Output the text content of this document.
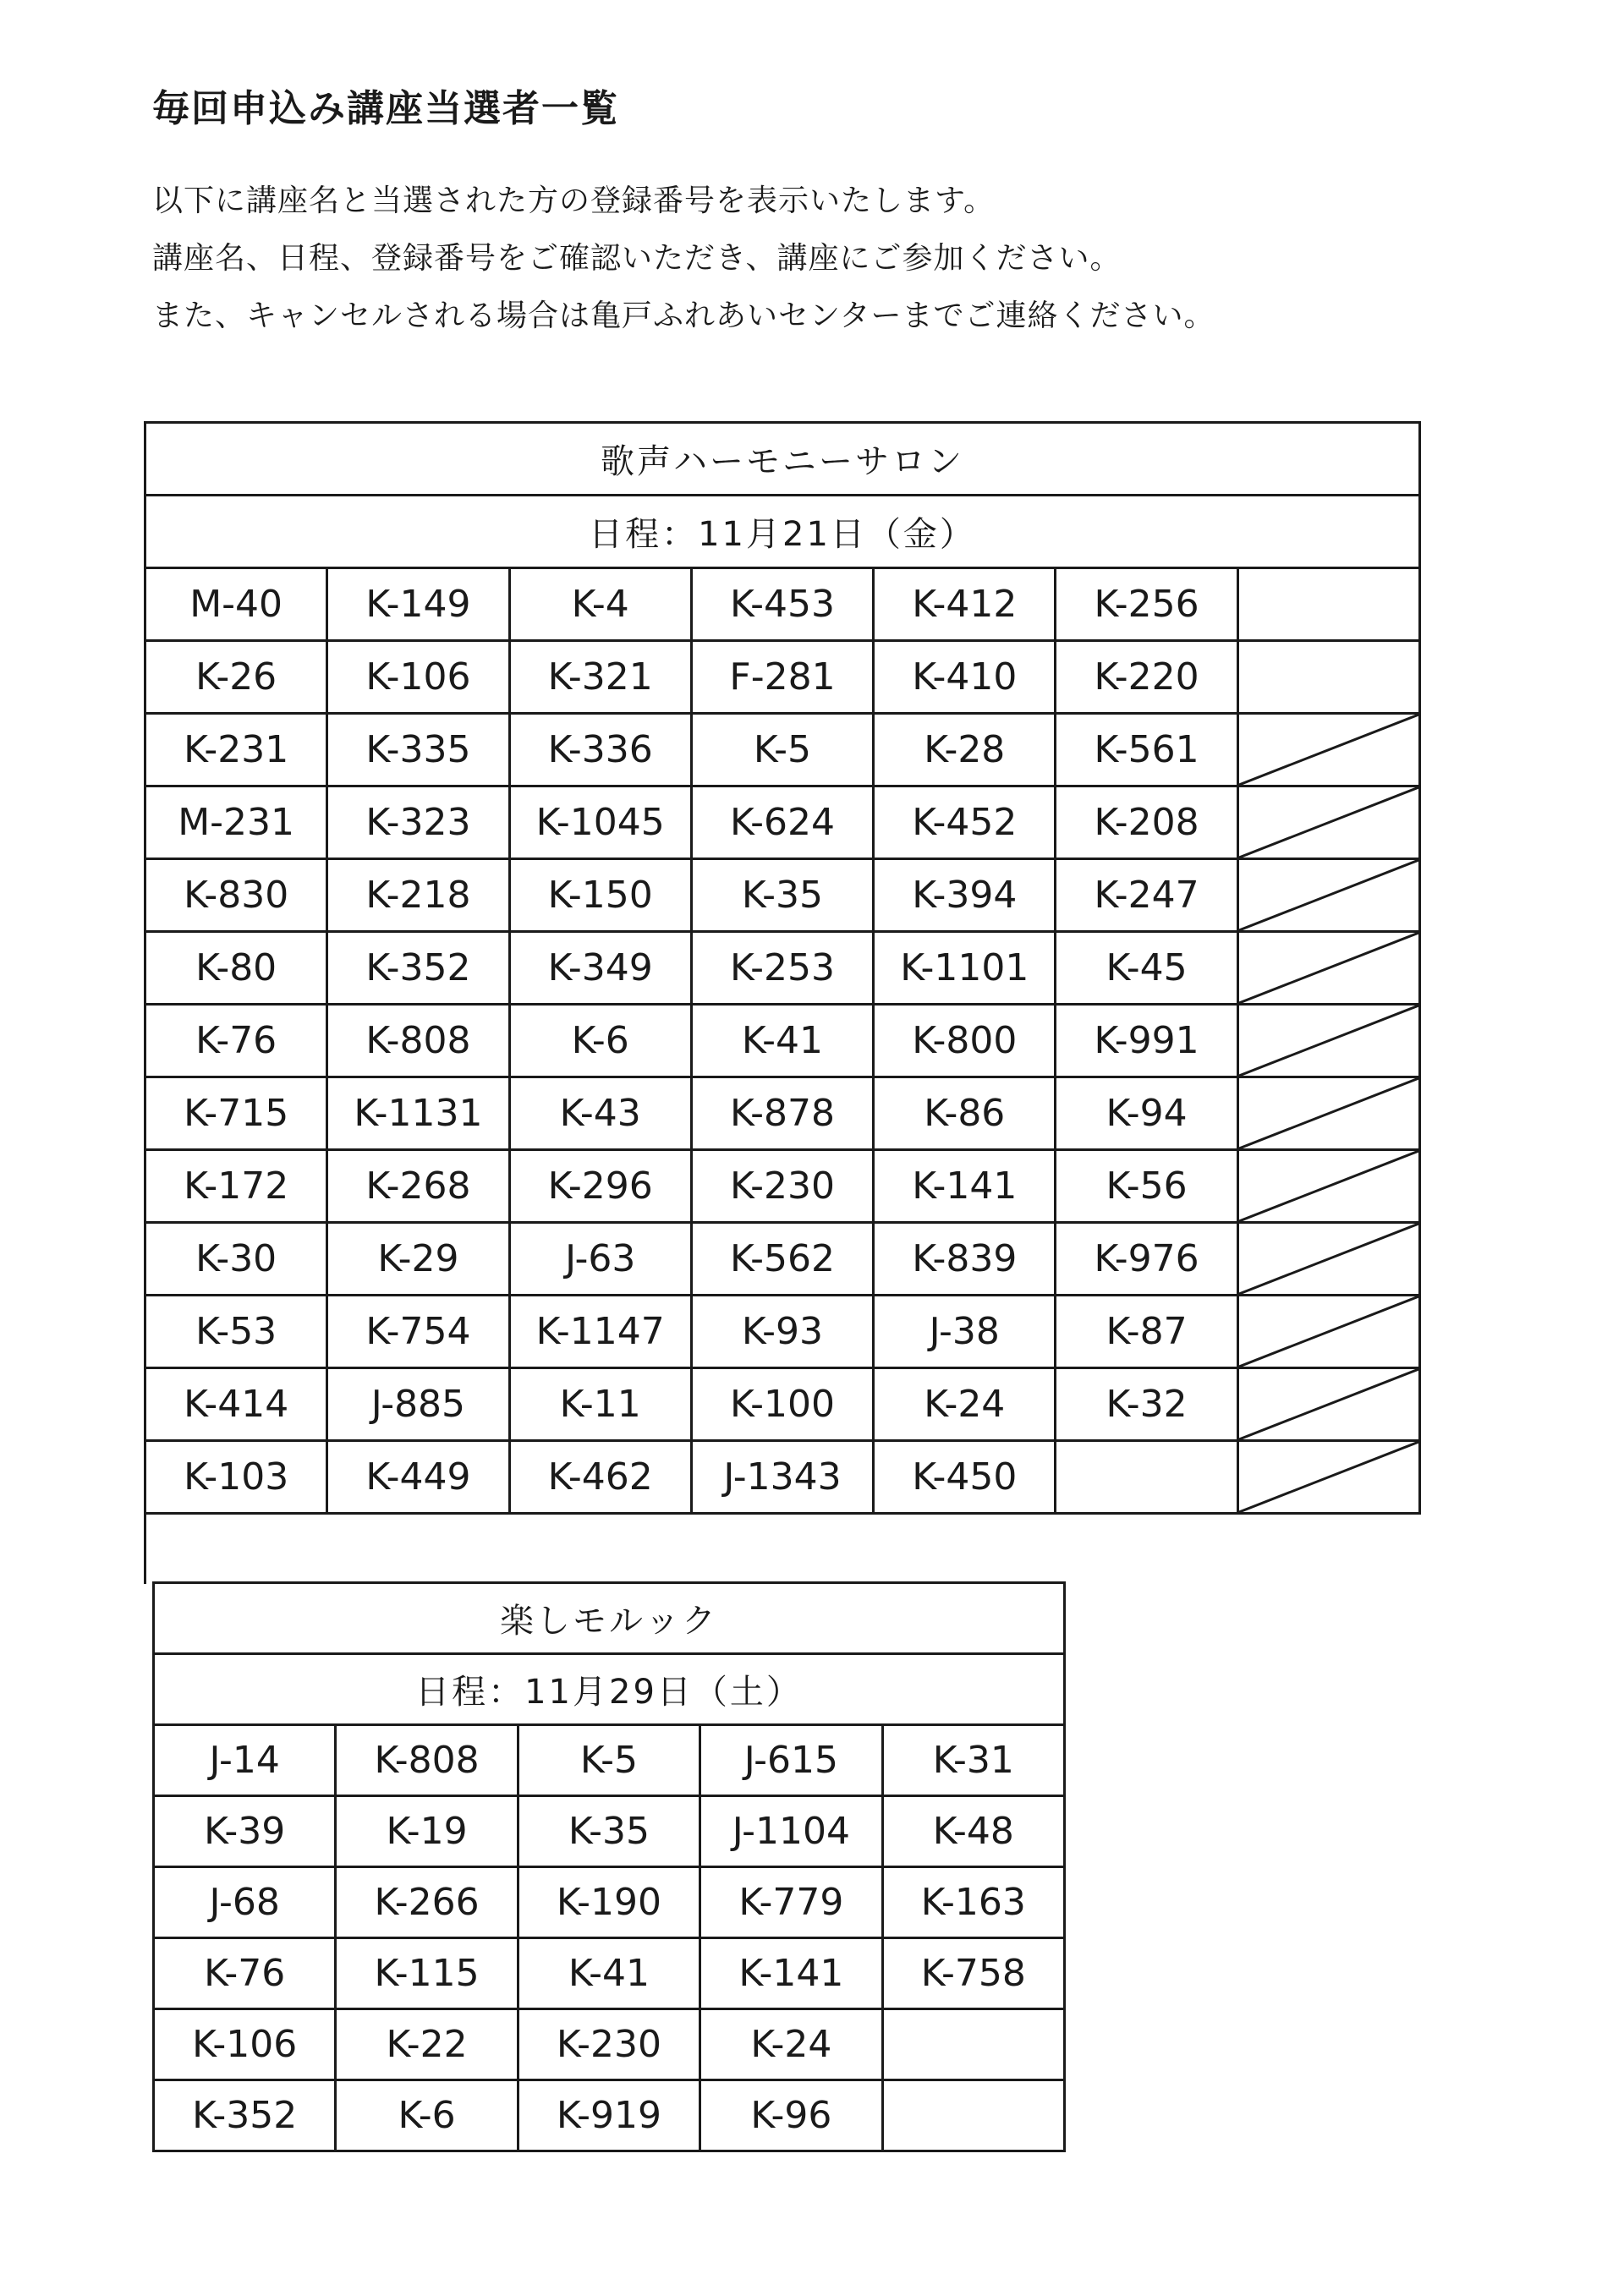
毎回申込み講座当選者一覧
以下に講座名と当選された方の登録番号を表示いたします。
講座名、日程、登録番号をご確認いただき、講座にご参加ください。
また、キャンセルされる場合は亀戸ふれあいセンターまでご連絡ください。
歌声ハーモニーサロン						
日程：11月21日（金）						
M-40	K-149	K-4	K-453	K-412	K-256	
K-26	K-106	K-321	F-281	K-410	K-220	
K-231	K-335	K-336	K-5	K-28	K-561	

M-231	K-323	K-1045	K-624	K-452	K-208	

K-830	K-218	K-150	K-35	K-394	K-247	

K-80	K-352	K-349	K-253	K-1101	K-45	

K-76	K-808	K-6	K-41	K-800	K-991	

K-715	K-1131	K-43	K-878	K-86	K-94	

K-172	K-268	K-296	K-230	K-141	K-56	

K-30	K-29	J-63	K-562	K-839	K-976	

K-53	K-754	K-1147	K-93	J-38	K-87	

K-414	J-885	K-11	K-100	K-24	K-32	

K-103	K-449	K-462	J-1343	K-450		
楽しモルック				
日程：11月29日（土）				
J-14	K-808	K-5	J-615	K-31
K-39	K-19	K-35	J-1104	K-48
J-68	K-266	K-190	K-779	K-163
K-76	K-115	K-41	K-141	K-758
K-106	K-22	K-230	K-24	
K-352	K-6	K-919	K-96	
